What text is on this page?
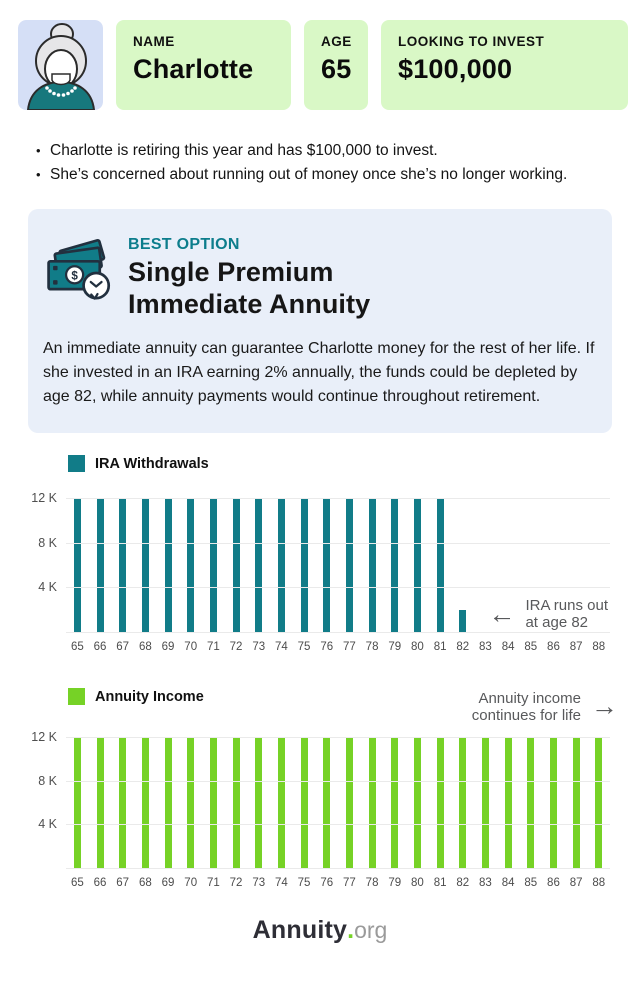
NAME
Charlotte
AGE
65
LOOKING TO INVEST
$100,000
• Charlotte is retiring this year and has $100,000 to invest.
• She’s concerned about running out of money once she’s no longer working.
$
BEST OPTION
Single Premium
Immediate Annuity

An immediate annuity can guarantee Charlotte money for the rest of her life. If she invested in an IRA earning 2% annually, the funds could be depleted by age 82, while annuity payments would continue throughout retirement.

IRA Withdrawals
← IRA runs out
at age 82
12 K
8 K
4 K
65 66 67 68 69 70 71 72 73 74 75 76 77 78 79 80 81 82 83 84 85 86 87 88
Annuity Income	Annuity income
continues for life →
12 K
8 K
4 K
65 66 67 68 69 70 71 72 73 74 75 76 77 78 79 80 81 82 83 84 85 86 87 88
Annuity.org
